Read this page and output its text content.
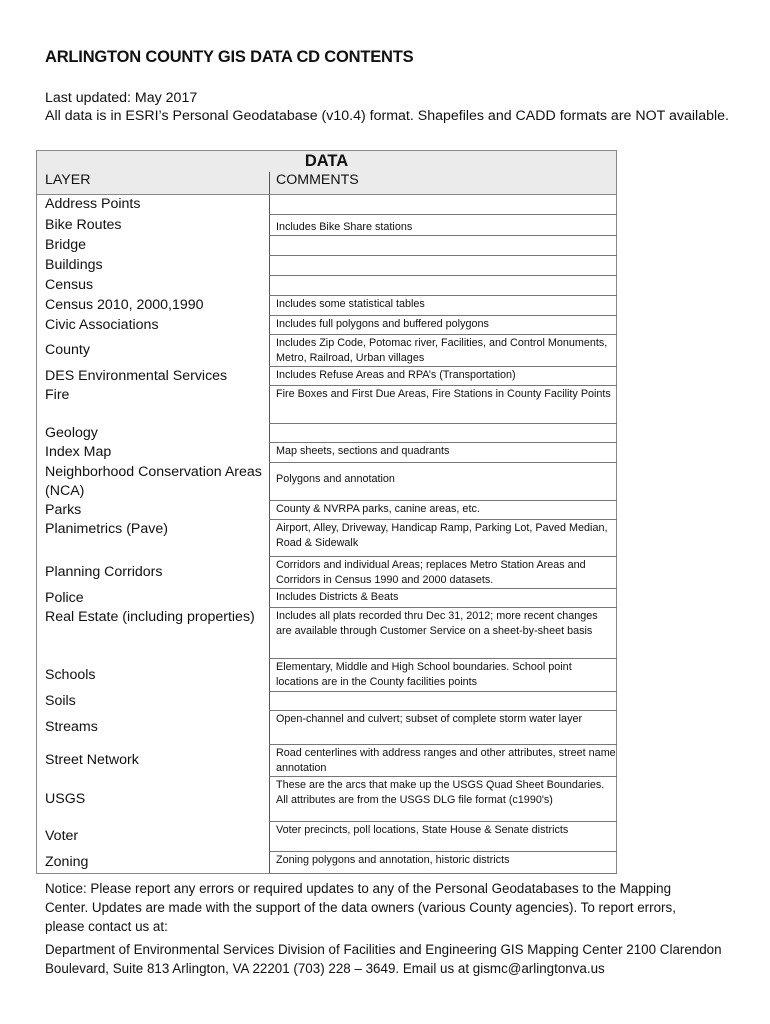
ARLINGTON COUNTY GIS DATA CD CONTENTS
Last updated: May 2017
All data is in ESRI’s Personal Geodatabase (v10.4) format. Shapefiles and CADD formats are NOT available.
DATA	
LAYER	COMMENTS
Address Points	
Bike Routes	Includes Bike Share stations
Bridge	
Buildings	
Census	
Census 2010, 2000,1990	Includes some statistical tables
Civic Associations	Includes full polygons and buffered polygons
County	Includes Zip Code, Potomac river, Facilities, and Control Monuments, Metro, Railroad, Urban villages
DES Environmental Services	Includes Refuse Areas and RPA’s (Transportation)
Fire	Fire Boxes and First Due Areas, Fire Stations in County Facility Points
Geology	
Index Map	Map sheets, sections and quadrants
Neighborhood Conservation Areas (NCA)	Polygons and annotation
Parks	County & NVRPA parks, canine areas, etc.
Planimetrics (Pave)	Airport, Alley, Driveway, Handicap Ramp, Parking Lot, Paved Median, Road & Sidewalk
Planning Corridors	Corridors and individual Areas; replaces Metro Station Areas and Corridors in Census 1990 and 2000 datasets.
Police	Includes Districts & Beats
Real Estate (including properties)	Includes all plats recorded thru Dec 31, 2012; more recent changes are available through Customer Service on a sheet-by-sheet basis
Schools	Elementary, Middle and High School boundaries. School point locations are in the County facilities points
Soils	
Streams	Open-channel and culvert; subset of complete storm water layer
Street Network	Road centerlines with address ranges and other attributes, street name annotation
USGS	These are the arcs that make up the USGS Quad Sheet Boundaries. All attributes are from the USGS DLG file format (c1990's)
Voter	Voter precincts, poll locations, State House & Senate districts
Zoning	Zoning polygons and annotation, historic districts
Notice: Please report any errors or required updates to any of the Personal Geodatabases to the Mapping Center. Updates are made with the support of the data owners (various County agencies). To report errors, please contact us at:
Department of Environmental Services Division of Facilities and Engineering GIS Mapping Center 2100 Clarendon Boulevard, Suite 813 Arlington, VA 22201 (703) 228 – 3649. Email us at gismc@arlingtonva.us
